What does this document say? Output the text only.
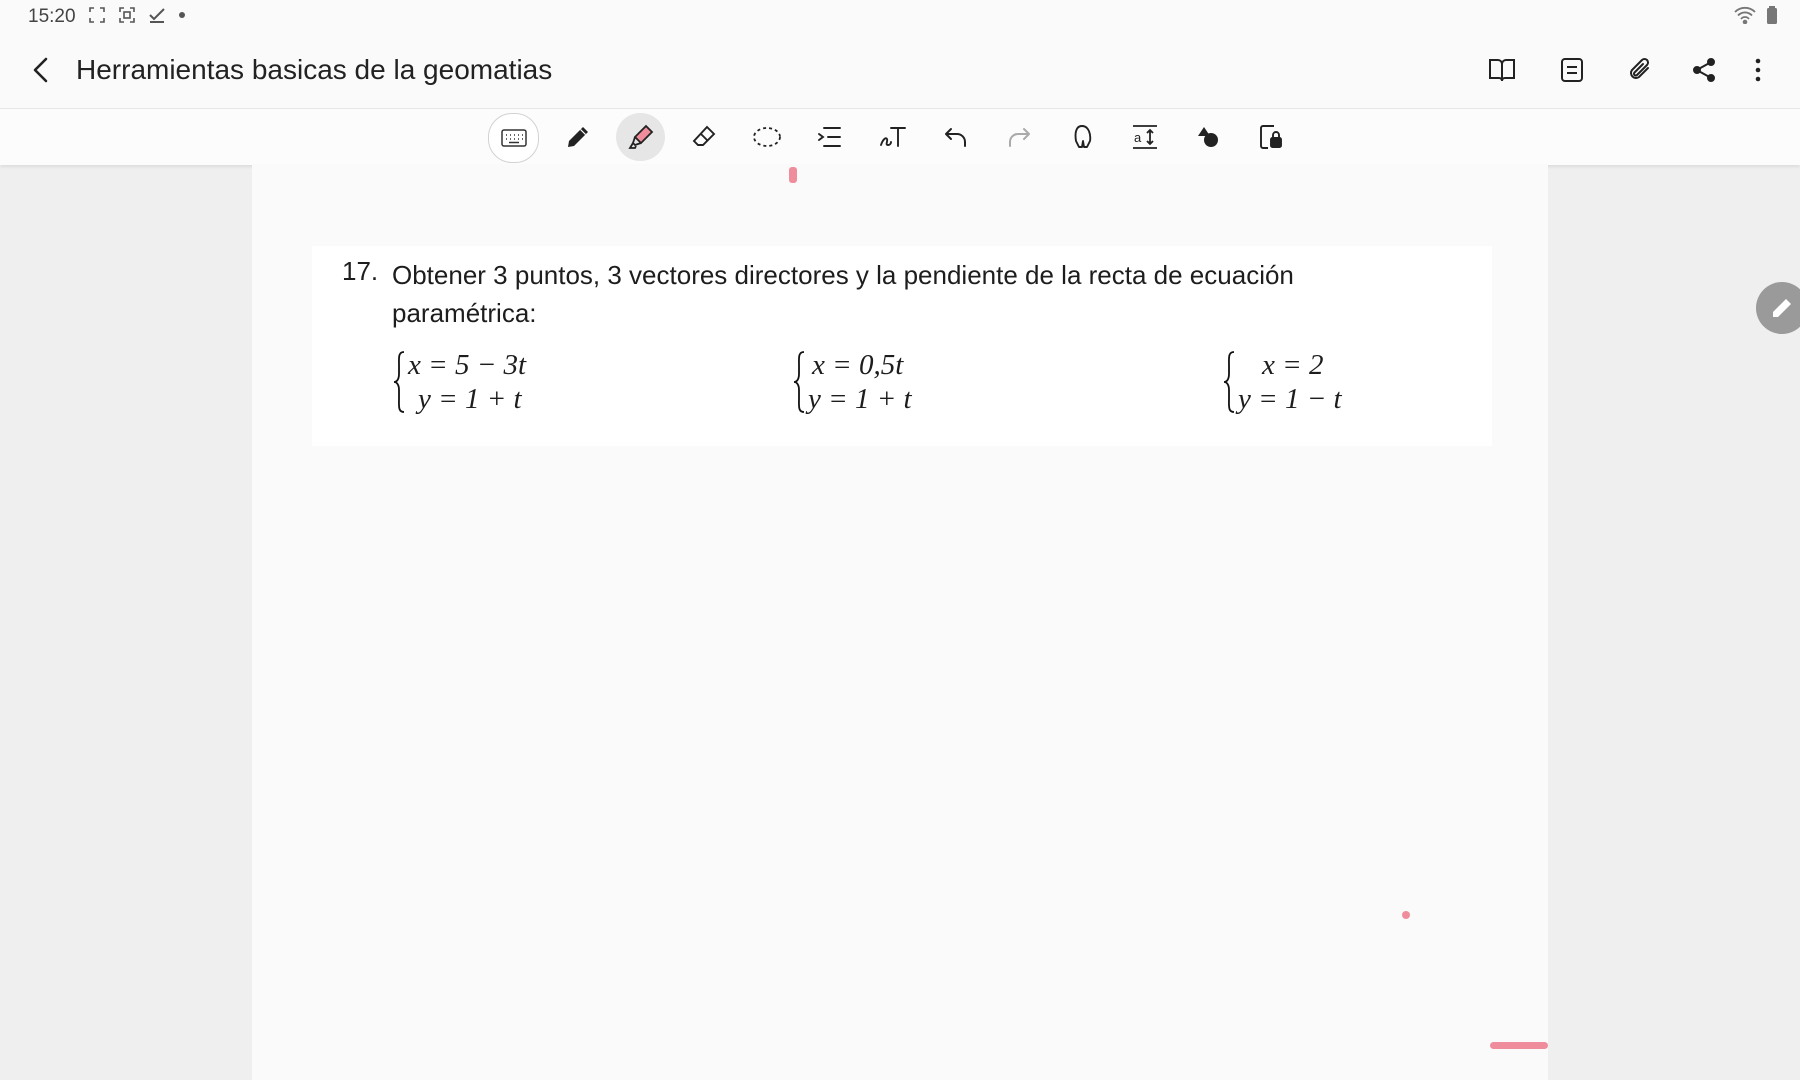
15:20
Herramientas basicas de la geomatias
a
17. Obtener 3 puntos, 3 vectores directores y la pendiente de la recta de ecuación paramétrica:
x = 5 − 3t
y = 1 + t
x = 0,5t
y = 1 + t
x = 2
y = 1 − t
